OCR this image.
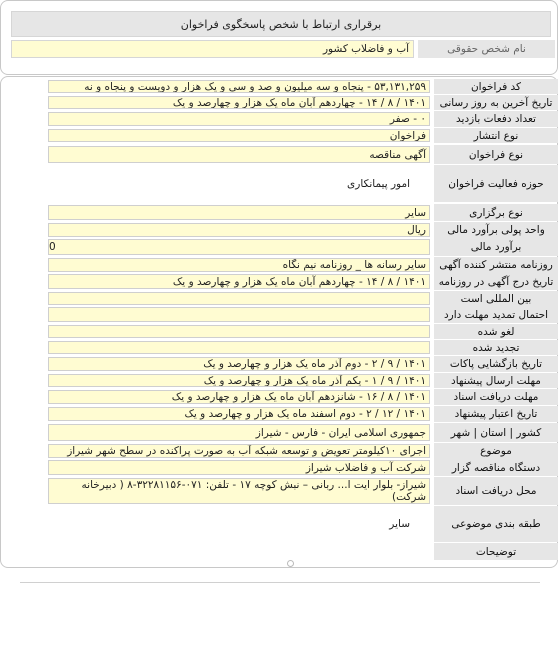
برقراری ارتباط با شخص پاسخگوی فراخوان
نام شخص حقوقی
آب و فاضلاب کشور
کد فراخوان
۵۳,۱۳۱,۲۵۹ - پنجاه و سه میلیون و صد و سی و یک هزار و دویست و پنجاه و نه
تاریخ آخرین به روز رسانی
۱۴۰۱ / ۸ / ۱۴ - چهاردهم آبان ماه یک هزار و چهارصد و یک
تعداد دفعات بازدید
۰ - صفر
نوع انتشار
فراخوان
نوع فراخوان
آگهی مناقصه
حوزه فعالیت فراخوان
امور پیمانکاری
نوع برگزاری
سایر
واحد پولی برآورد مالی
ریال
برآورد مالی
0
روزنامه منتشر کننده آگهی
سایر رسانه ها _ روزنامه نیم نگاه
تاریخ درج آگهی در روزنامه
۱۴۰۱ / ۸ / ۱۴ - چهاردهم آبان ماه یک هزار و چهارصد و یک
بین المللی است
احتمال تمدید مهلت دارد
لغو شده
تجدید شده
تاریخ بازگشایی پاکات
۱۴۰۱ / ۹ / ۲ - دوم آذر ماه یک هزار و چهارصد و یک
مهلت ارسال پیشنهاد
۱۴۰۱ / ۹ / ۱ - یکم آذر ماه یک هزار و چهارصد و یک
مهلت دریافت اسناد
۱۴۰۱ / ۸ / ۱۶ - شانزدهم آبان ماه یک هزار و چهارصد و یک
تاریخ اعتبار پیشنهاد
۱۴۰۱ / ۱۲ / ۲ - دوم اسفند ماه یک هزار و چهارصد و یک
کشور | استان | شهر
جمهوری اسلامی ایران - فارس - شیراز
موضوع
اجرای ۱۰کیلومتر تعویض و توسعه شبکه آب به صورت پراکنده در سطح شهر شیراز
دستگاه مناقصه گزار
شرکت آب و فاضلاب شیراز
محل دریافت اسناد
شیراز- بلوار ایت ا... ربانی – نبش کوچه ۱۷ - تلفن: ۰۷۱-۳۲۲۸۱۱۵۶-۸ ( دبیرخانه شرکت)
طبقه بندی موضوعی
سایر
توضیحات
